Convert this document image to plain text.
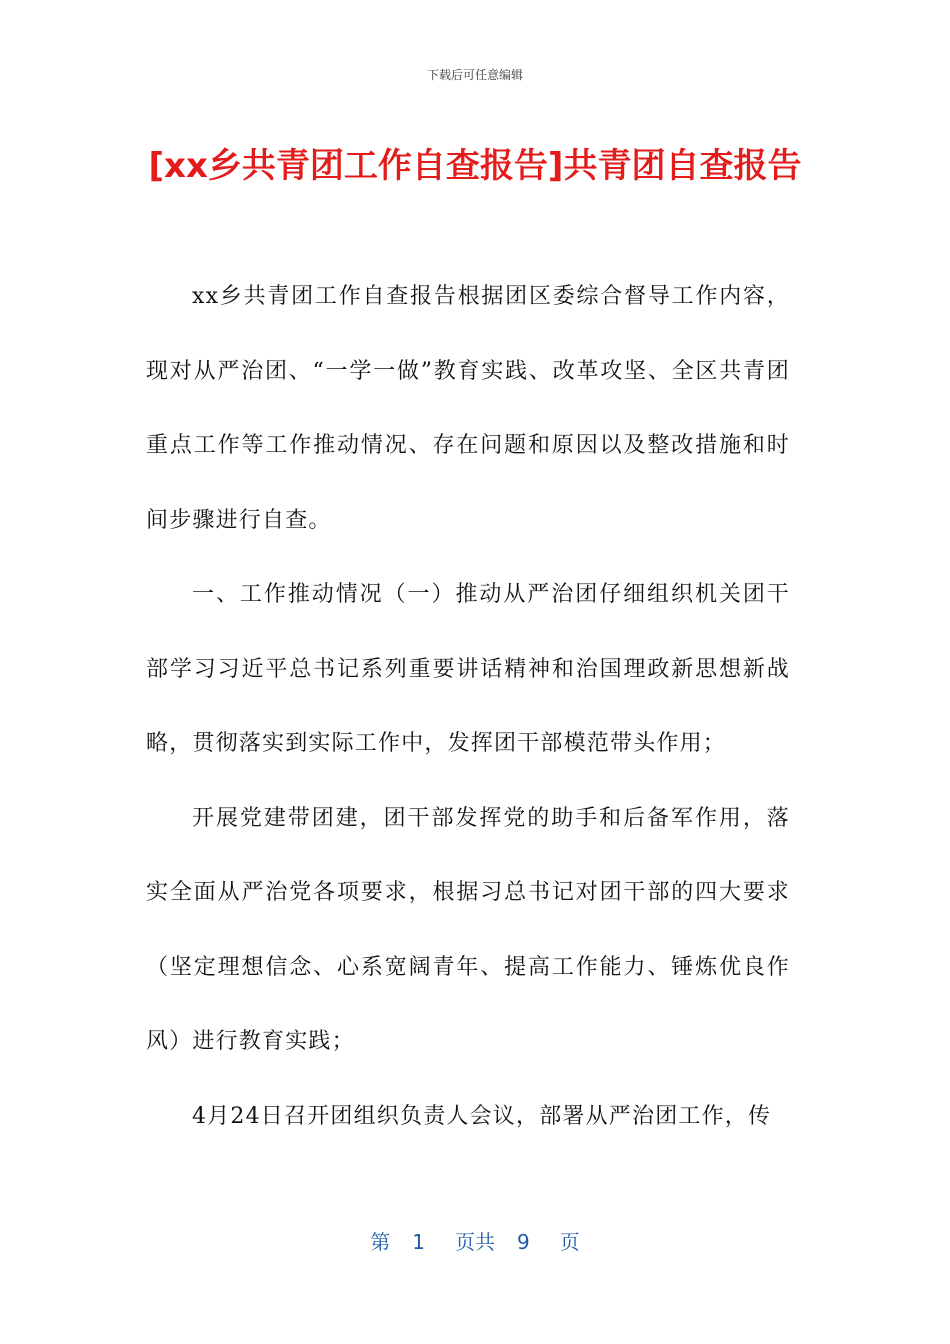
下载后可任意编辑
[xx乡共青团工作自查报告]共青团自查报告

xx乡共青团工作自查报告根据团区委综合督导工作内容，现对从严治团、“一学一做”教育实践、改革攻坚、全区共青团重点工作等工作推动情况、存在问题和原因以及整改措施和时间步骤进行自查。

一、工作推动情况（一）推动从严治团仔细组织机关团干部学习习近平总书记系列重要讲话精神和治国理政新思想新战略，贯彻落实到实际工作中，发挥团干部模范带头作用；

开展党建带团建，团干部发挥党的助手和后备军作用，落实全面从严治党各项要求，根据习总书记对团干部的四大要求（坚定理想信念、心系宽阔青年、提高工作能力、锤炼优良作风）进行教育实践；

4月24日召开团组织负责人会议，部署从严治团工作，传

第 1 页共 9 页
